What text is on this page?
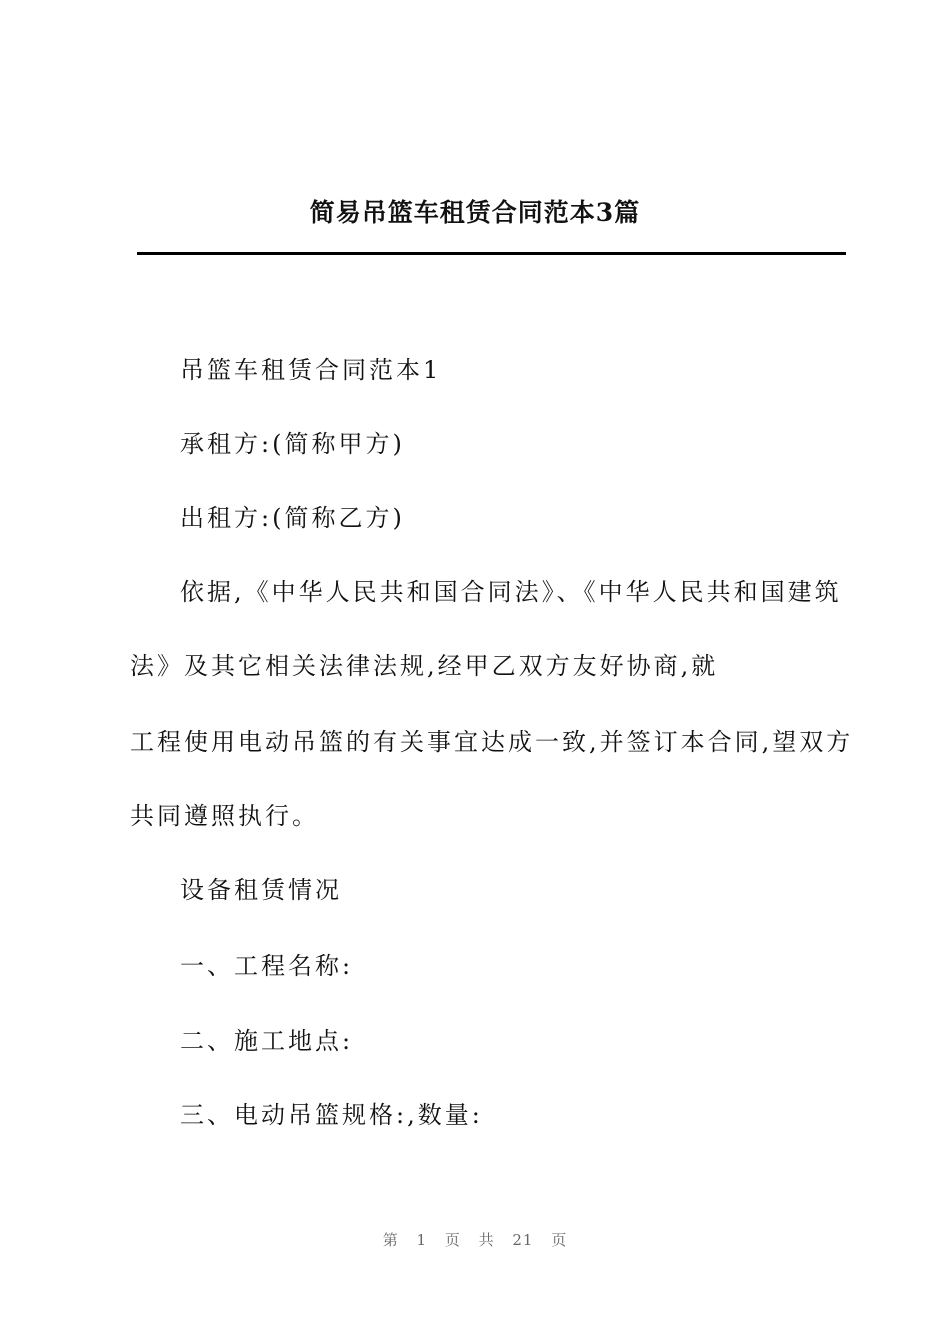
简易吊篮车租赁合同范本3篇
吊篮车租赁合同范本1
承租方:(简称甲方)
出租方:(简称乙方)
依据,《中华人民共和国合同法》、《中华人民共和国建筑
法》及其它相关法律法规,经甲乙双方友好协商,就
工程使用电动吊篮的有关事宜达成一致,并签订本合同,望双方
共同遵照执行。
设备租赁情况
一、工程名称:
二、施工地点:
三、电动吊篮规格:,数量:
第 1 页 共 21 页
